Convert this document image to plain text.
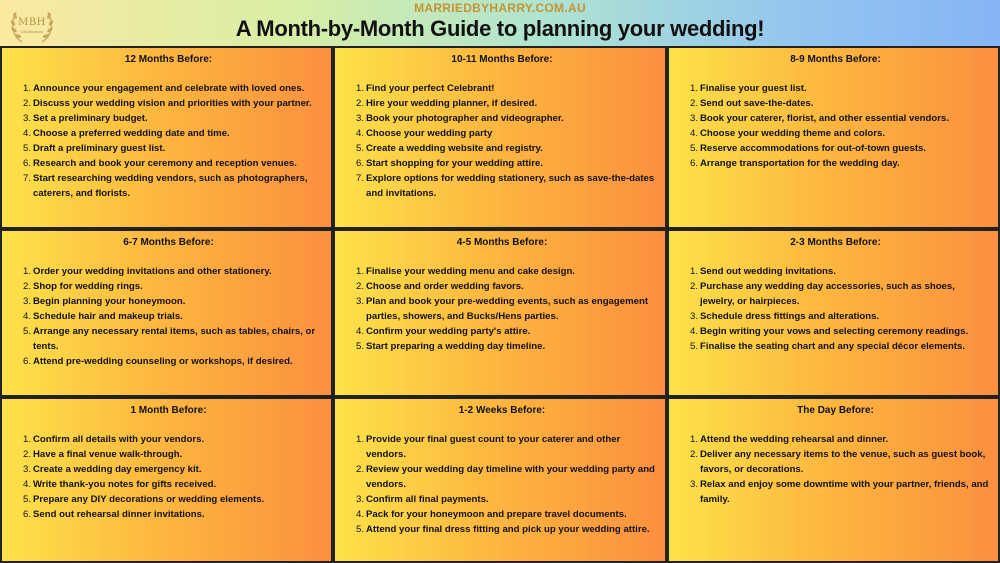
MBH
Celebrations
MARRIEDBYHARRY.COM.AU
A Month-by-Month Guide to planning your wedding!
12 Months Before:
1. Announce your engagement and celebrate with loved ones.
2. Discuss your wedding vision and priorities with your partner.
3. Set a preliminary budget.
4. Choose a preferred wedding date and time.
5. Draft a preliminary guest list.
6. Research and book your ceremony and reception venues.
7. Start researching wedding vendors, such as photographers, caterers, and florists.
10-11 Months Before:
1. Find your perfect Celebrant!
2. Hire your wedding planner, if desired.
3. Book your photographer and videographer.
4. Choose your wedding party
5. Create a wedding website and registry.
6. Start shopping for your wedding attire.
7. Explore options for wedding stationery, such as save-the-dates and invitations.
8-9 Months Before:
1. Finalise your guest list.
2. Send out save-the-dates.
3. Book your caterer, florist, and other essential vendors.
4. Choose your wedding theme and colors.
5. Reserve accommodations for out-of-town guests.
6. Arrange transportation for the wedding day.
6-7 Months Before:
1. Order your wedding invitations and other stationery.
2. Shop for wedding rings.
3. Begin planning your honeymoon.
4. Schedule hair and makeup trials.
5. Arrange any necessary rental items, such as tables, chairs, or tents.
6. Attend pre-wedding counseling or workshops, if desired.
4-5 Months Before:
1. Finalise your wedding menu and cake design.
2. Choose and order wedding favors.
3. Plan and book your pre-wedding events, such as engagement parties, showers, and Bucks/Hens parties.
4. Confirm your wedding party's attire.
5. Start preparing a wedding day timeline.
2-3 Months Before:
1. Send out wedding invitations.
2. Purchase any wedding day accessories, such as shoes, jewelry, or hairpieces.
3. Schedule dress fittings and alterations.
4. Begin writing your vows and selecting ceremony readings.
5. Finalise the seating chart and any special décor elements.
1 Month Before:
1. Confirm all details with your vendors.
2. Have a final venue walk-through.
3. Create a wedding day emergency kit.
4. Write thank-you notes for gifts received.
5. Prepare any DIY decorations or wedding elements.
6. Send out rehearsal dinner invitations.
1-2 Weeks Before:
1. Provide your final guest count to your caterer and other vendors.
2. Review your wedding day timeline with your wedding party and vendors.
3. Confirm all final payments.
4. Pack for your honeymoon and prepare travel documents.
5. Attend your final dress fitting and pick up your wedding attire.
The Day Before:
1. Attend the wedding rehearsal and dinner.
2. Deliver any necessary items to the venue, such as guest book, favors, or decorations.
3. Relax and enjoy some downtime with your partner, friends, and family.
